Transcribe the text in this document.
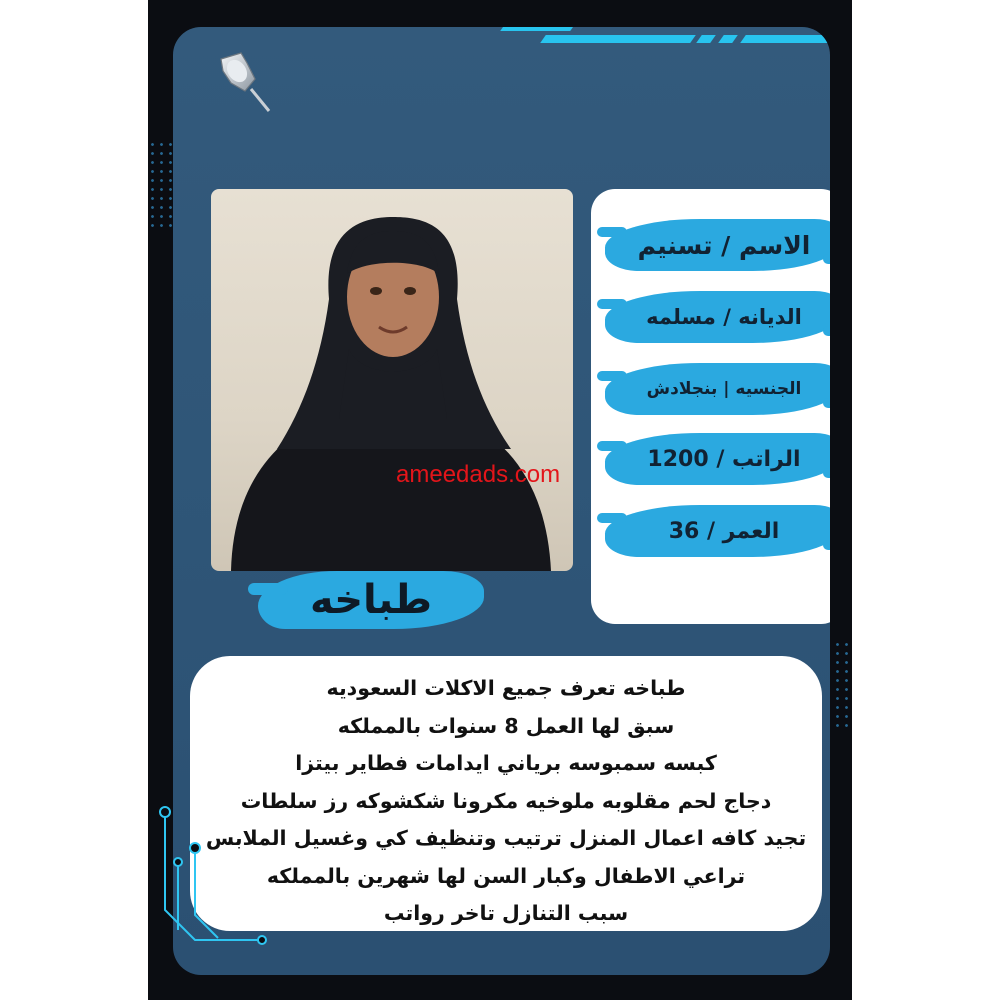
الاسم / تسنيم
الديانه / مسلمه
الجنسيه | بنجلادش
الراتب / 1200
العمر / 36
طباخه
طباخه تعرف جميع الاكلات السعوديه
سبق لها العمل 8 سنوات بالمملكه
كبسه سمبوسه برياني ايدامات فطاير بيتزا
دجاج لحم مقلوبه ملوخيه مكرونا شكشوكه رز سلطات
تجيد كافه اعمال المنزل ترتيب وتنظيف كي وغسيل الملابس
تراعي الاطفال وكبار السن لها شهرين بالمملكه
سبب التنازل تاخر رواتب
ameedads.com
